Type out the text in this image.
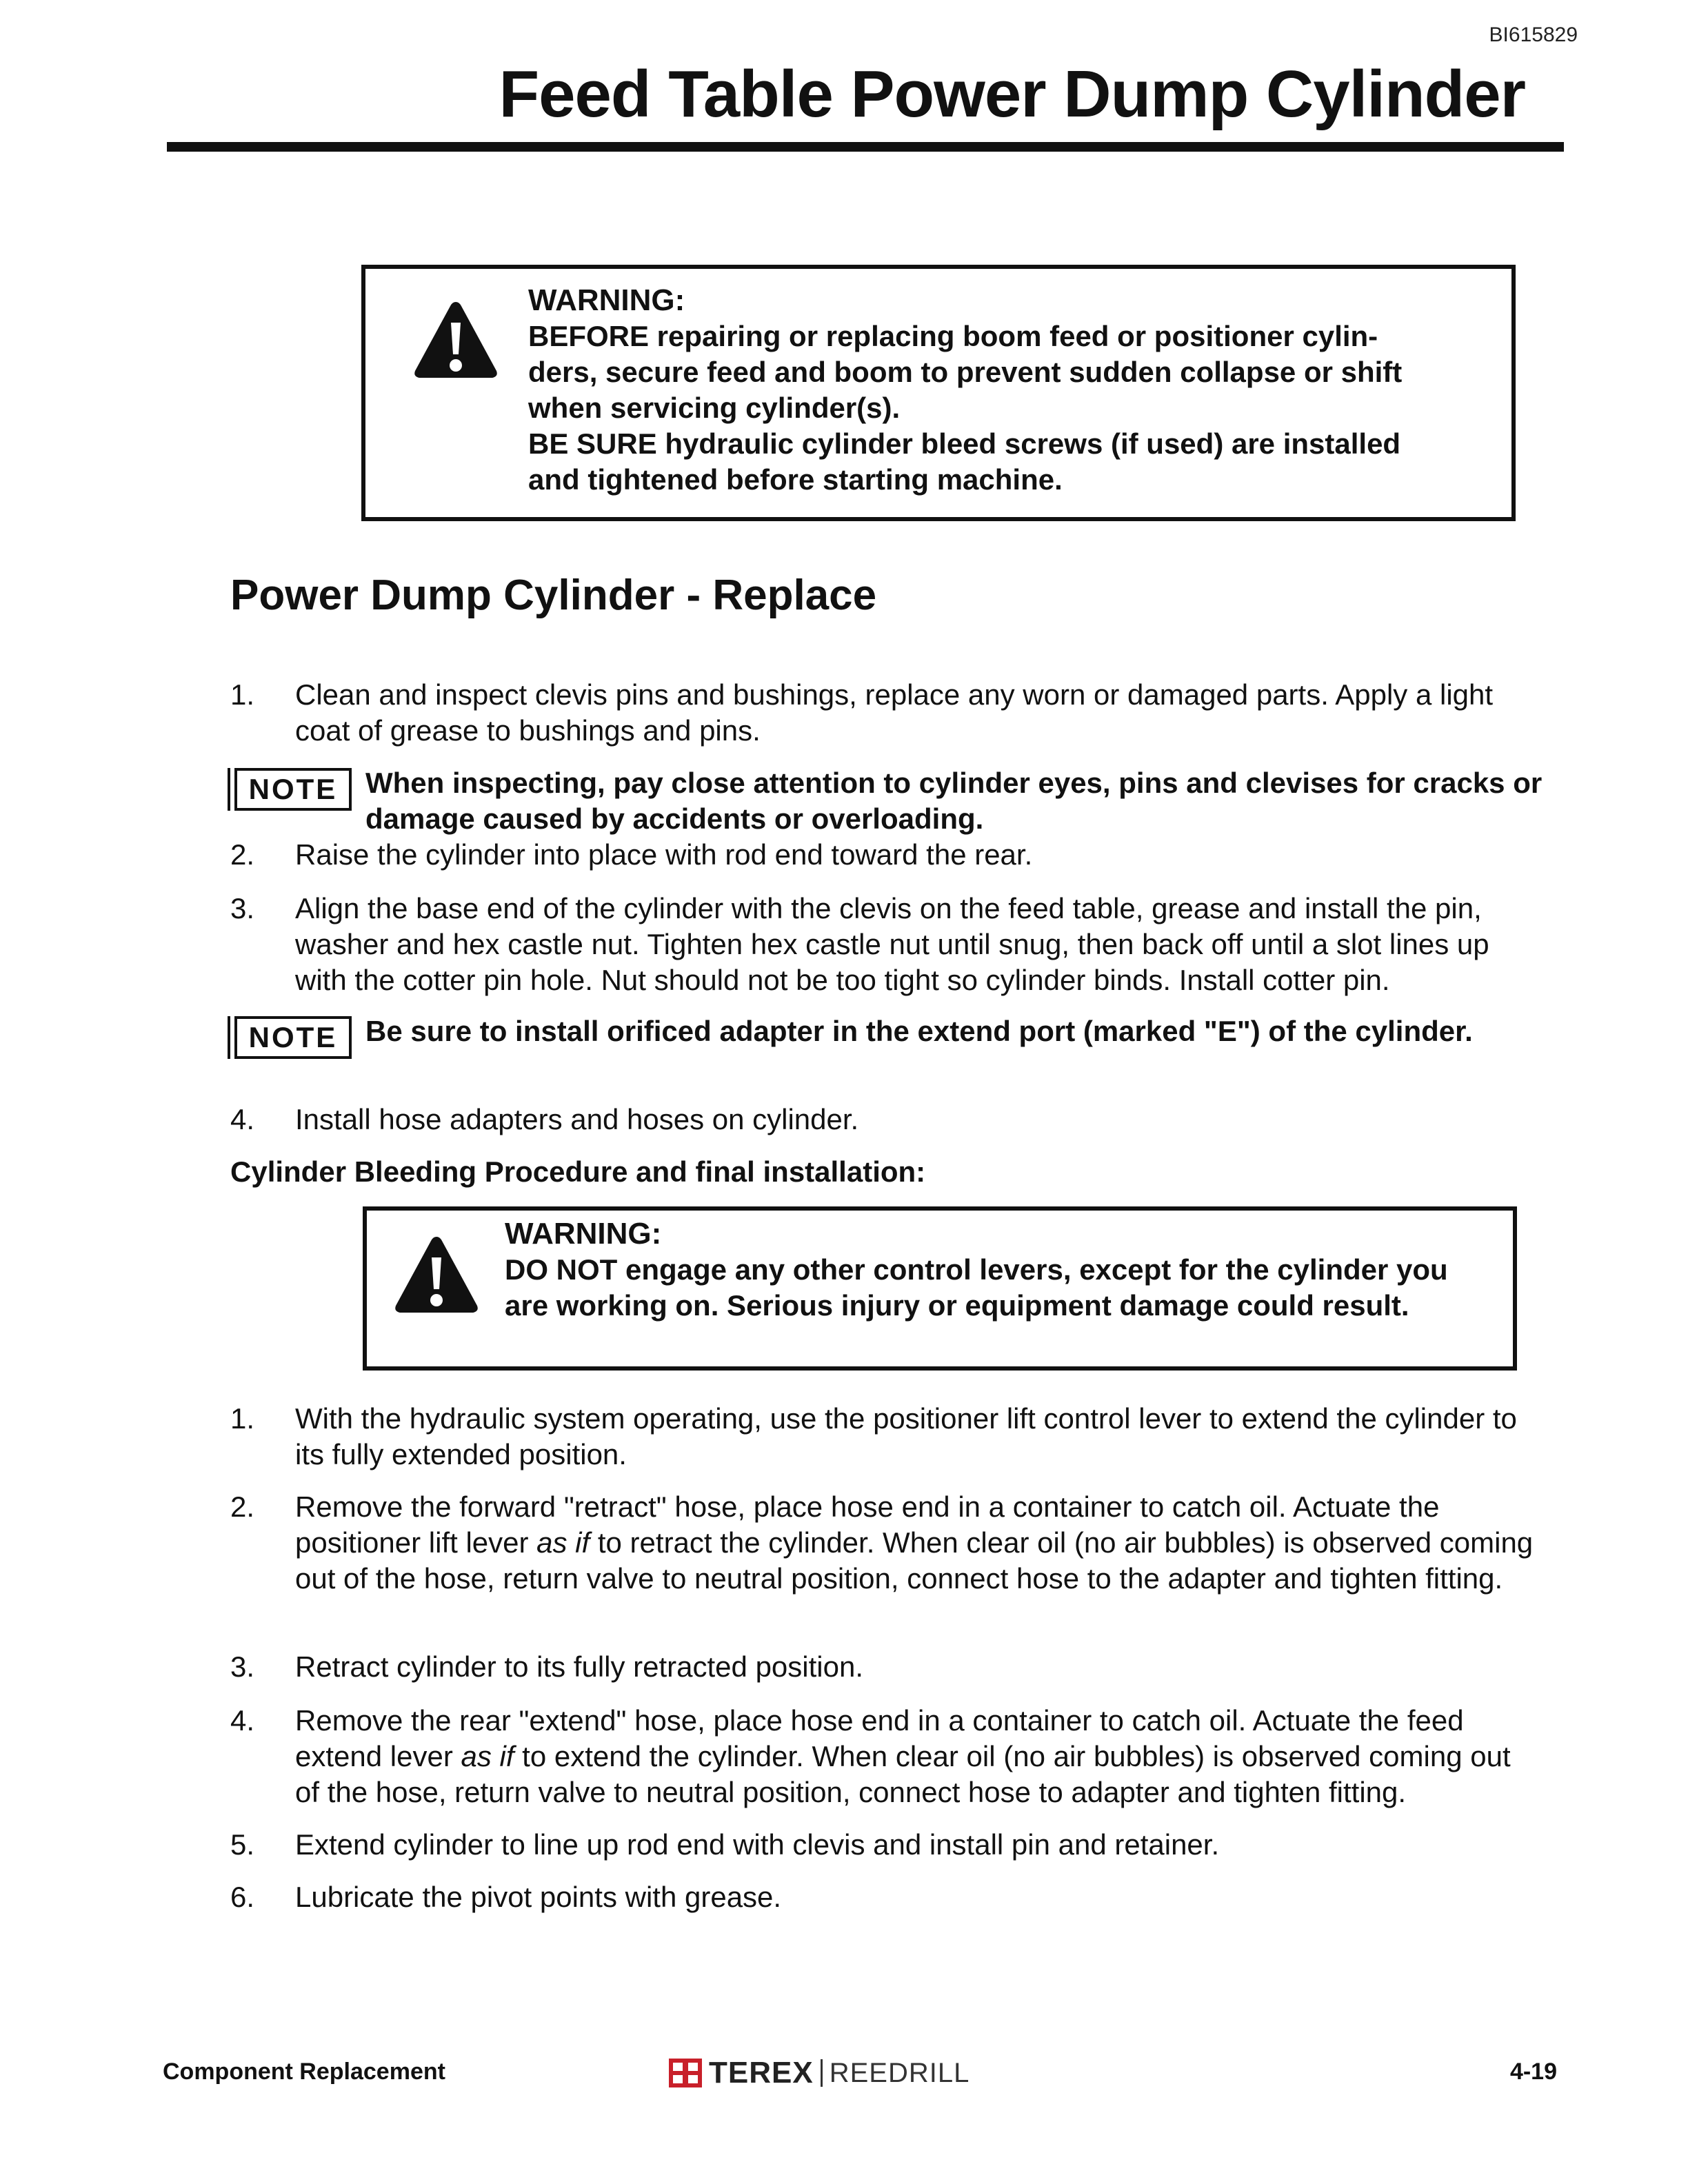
BI615829
Feed Table Power Dump Cylinder
WARNING:
BEFORE repairing or replacing boom feed or positioner cylin-
ders, secure feed and boom to prevent sudden collapse or shift
when servicing cylinder(s).
BE SURE hydraulic cylinder bleed screws (if used) are installed
and tightened before starting machine.
Power Dump Cylinder - Replace
1. Clean and inspect clevis pins and bushings, replace any worn or damaged parts. Apply a light coat of grease to bushings and pins.
NOTE When inspecting, pay close attention to cylinder eyes, pins and clevises for cracks or damage caused by accidents or overloading.
2. Raise the cylinder into place with rod end toward the rear.
3. Align the base end of the cylinder with the clevis on the feed table, grease and install the pin, washer and hex castle nut. Tighten hex castle nut until snug, then back off until a slot lines up with the cotter pin hole. Nut should not be too tight so cylinder binds. Install cotter pin.
NOTE Be sure to install orificed adapter in the extend port (marked "E") of the cylinder.
4. Install hose adapters and hoses on cylinder.
Cylinder Bleeding Procedure and final installation:
WARNING:
DO NOT engage any other control levers, except for the cylinder you
are working on. Serious injury or equipment damage could result.
1. With the hydraulic system operating, use the positioner lift control lever to extend the cylinder to its fully extended position.
2. Remove the forward "retract" hose, place hose end in a container to catch oil. Actuate the positioner lift lever as if to retract the cylinder. When clear oil (no air bubbles) is observed coming out of the hose, return valve to neutral position, connect hose to the adapter and tighten fitting.
3. Retract cylinder to its fully retracted position.
4. Remove the rear "extend" hose, place hose end in a container to catch oil. Actuate the feed extend lever as if to extend the cylinder. When clear oil (no air bubbles) is observed coming out of the hose, return valve to neutral position, connect hose to adapter and tighten fitting.
5. Extend cylinder to line up rod end with clevis and install pin and retainer.
6. Lubricate the pivot points with grease.
Component Replacement	TEREX REEDRILL	4-19
